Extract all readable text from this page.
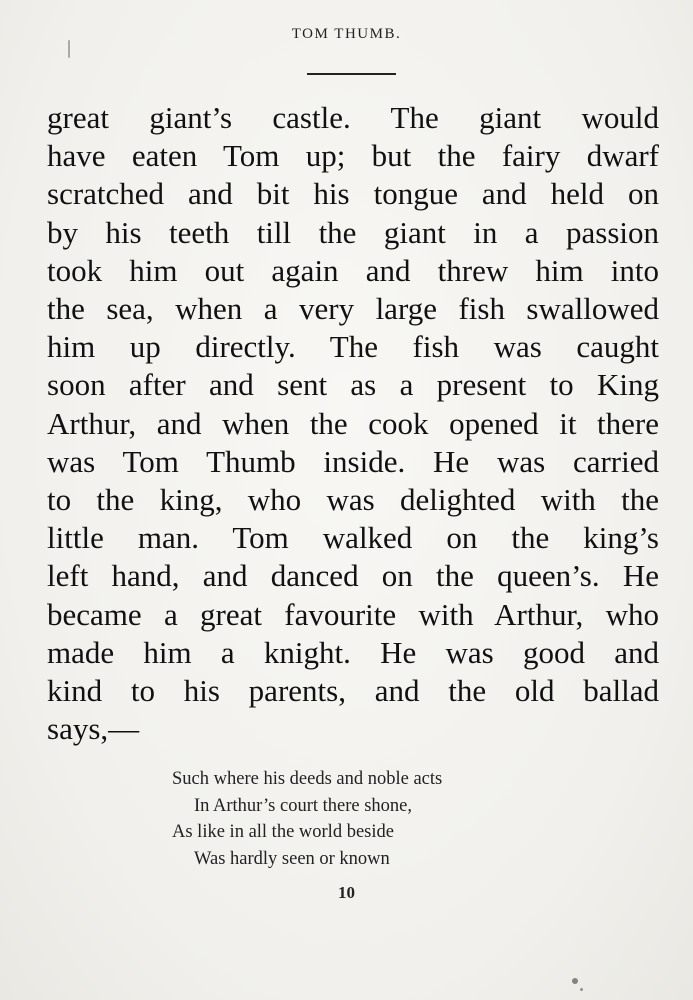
TOM THUMB.
great giant’s castle. The giant would
have eaten Tom up; but the fairy dwarf
scratched and bit his tongue and held on
by his teeth till the giant in a passion
took him out again and threw him into
the sea, when a very large fish swallowed
him up directly. The fish was caught
soon after and sent as a present to King
Arthur, and when the cook opened it there
was Tom Thumb inside. He was carried
to the king, who was delighted with the
little man. Tom walked on the king’s
left hand, and danced on the queen’s. He
became a great favourite with Arthur, who
made him a knight. He was good and
kind to his parents, and the old ballad
says,—
Such where his deeds and noble acts
In Arthur’s court there shone,
As like in all the world beside
Was hardly seen or known
10
